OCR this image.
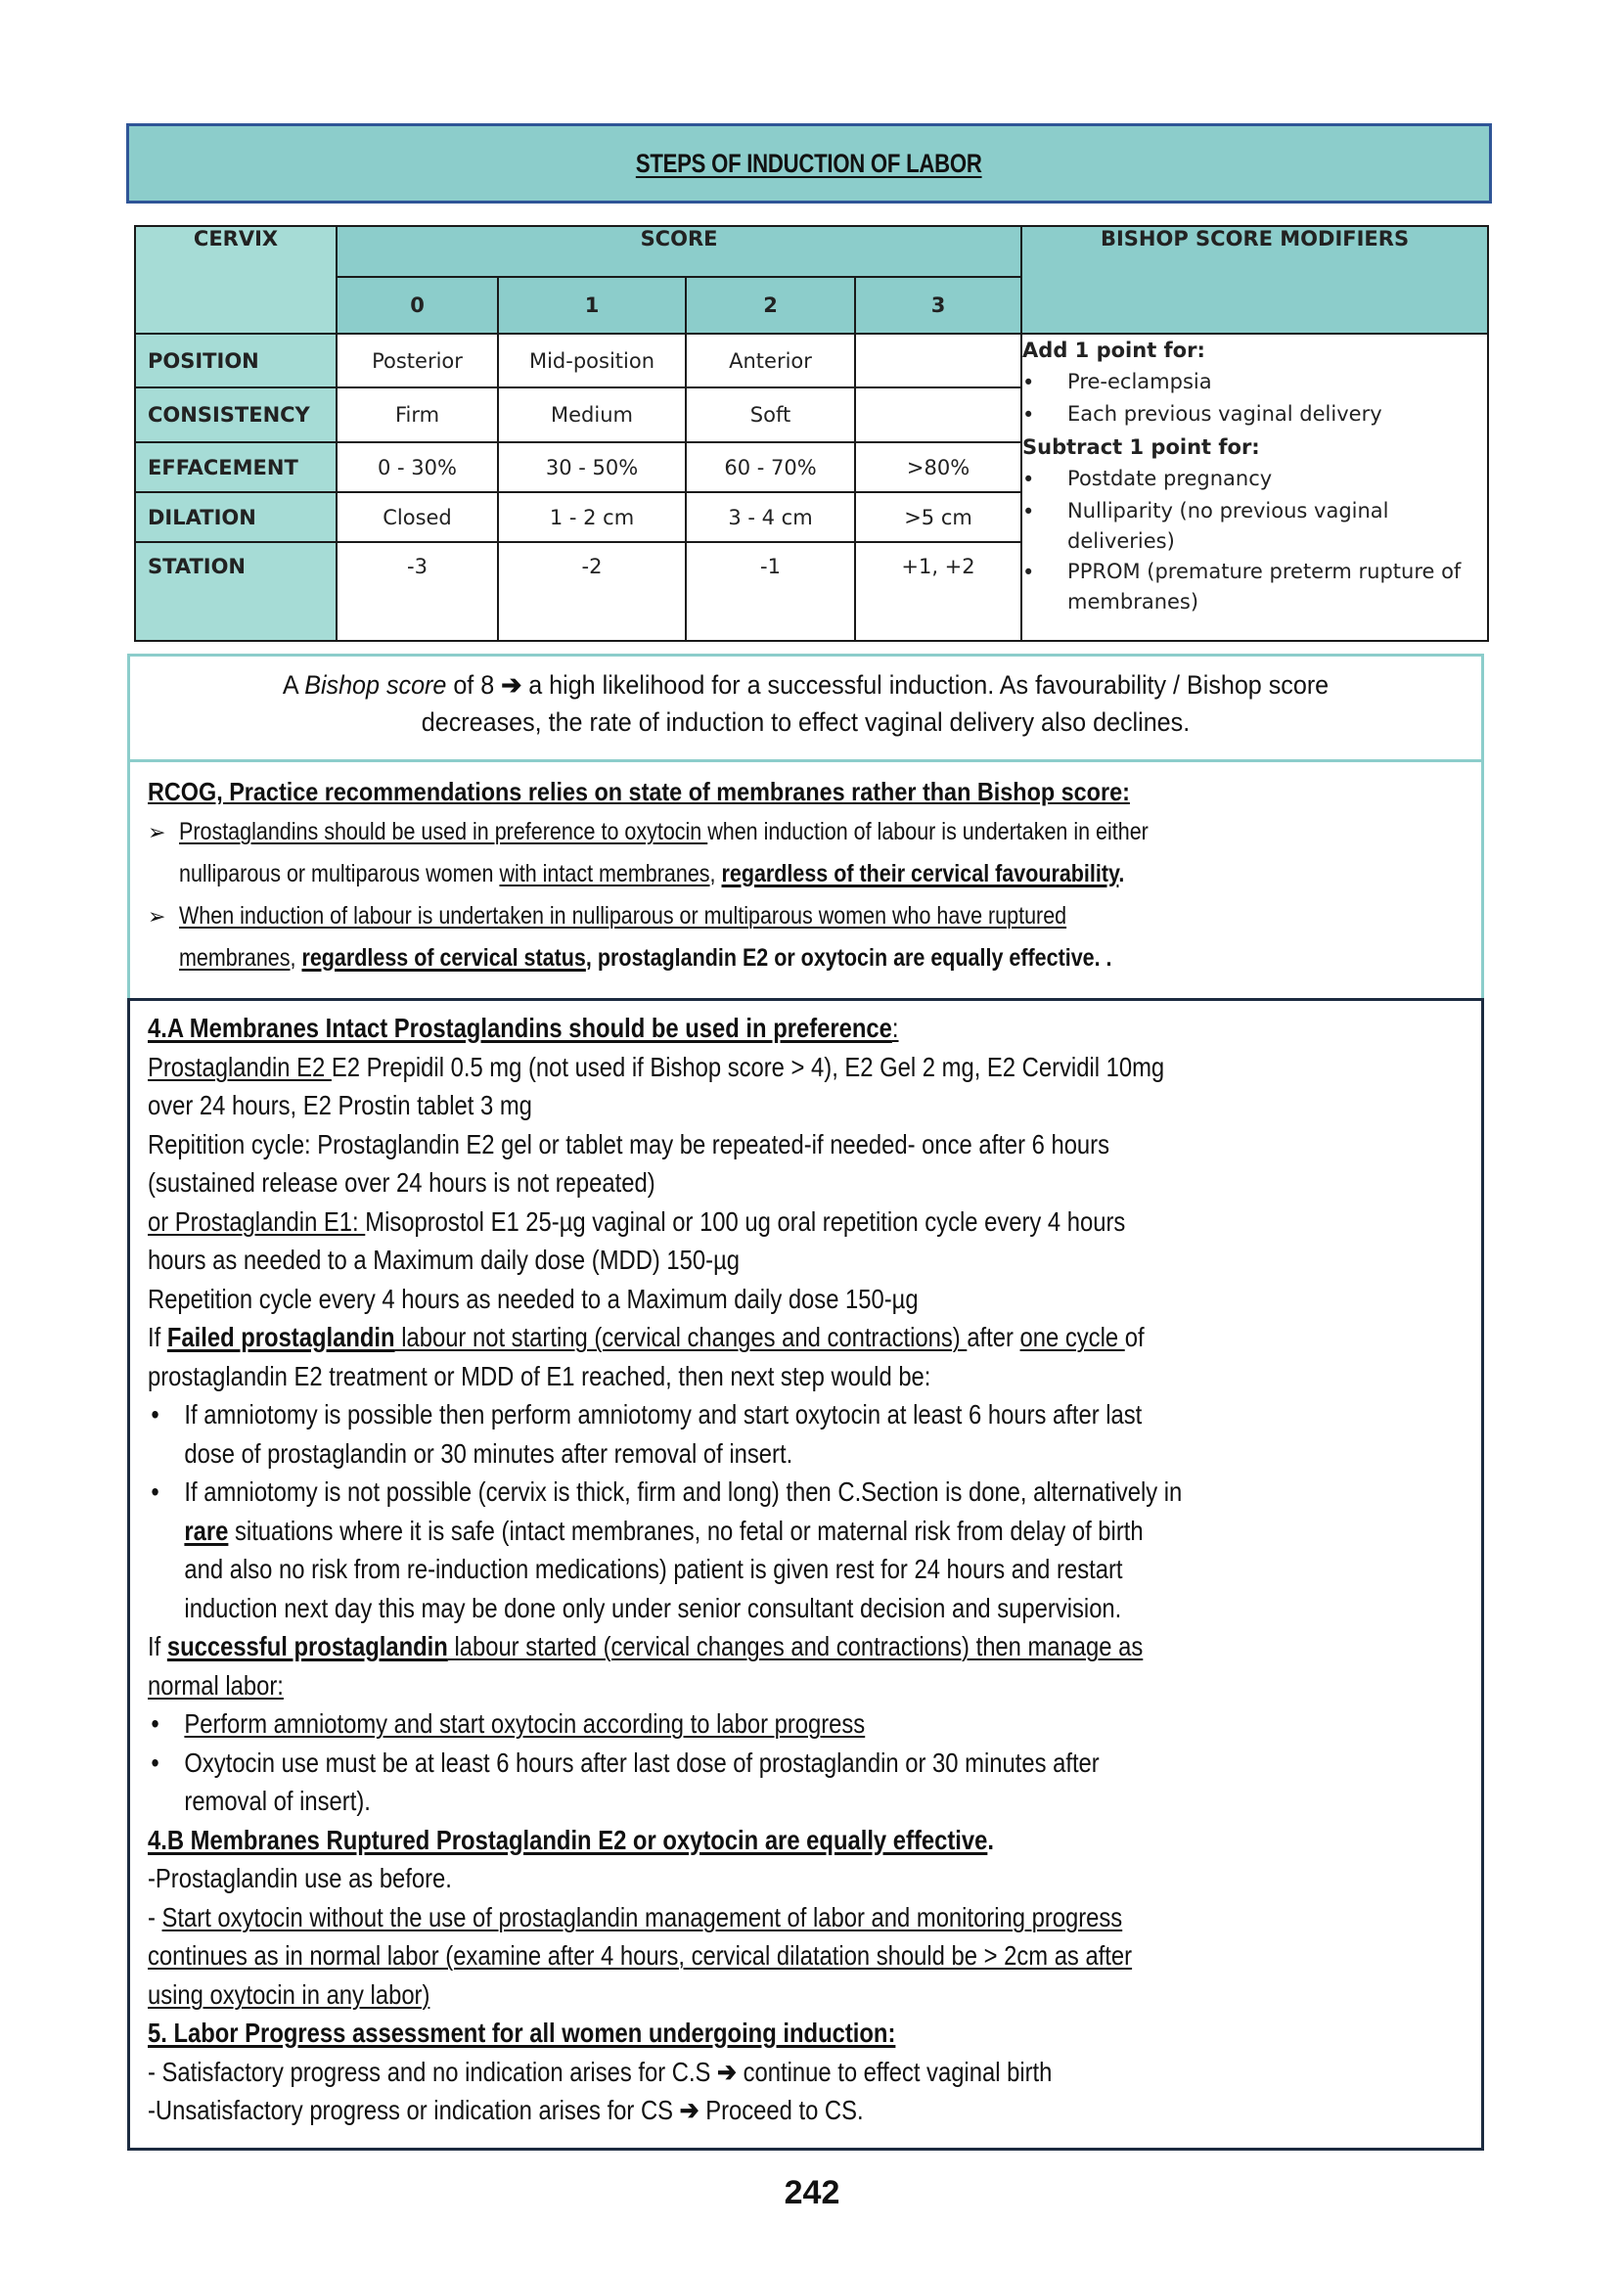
STEPS OF INDUCTION OF LABOR
CERVIX	SCORE				BISHOP SCORE MODIFIERS
	0	1	2	3	
POSITION	Posterior	Mid-position	Anterior		Add 1 point for:
•	Pre-eclampsia
•	Each previous vaginal delivery
Subtract 1 point for:
•	Postdate pregnancy
•	Nulliparity (no previous vaginal deliveries)
•	PPROM (premature preterm rupture of membranes)

CONSISTENCY	Firm	Medium	Soft		
EFFACEMENT	0 - 30%	30 - 50%	60 - 70%	>80%	
DILATION	Closed	1 - 2 cm	3 - 4 cm	>5 cm	
STATION	-3	-2	-1	+1, +2	
A Bishop score of 8 ➔ a high likelihood for a successful induction. As favourability / Bishop score
decreases, the rate of induction to effect vaginal delivery also declines.
RCOG, Practice recommendations relies on state of membranes rather than Bishop score:
➢ Prostaglandins should be used in preference to oxytocin when induction of labour is undertaken in either
nulliparous or multiparous women with intact membranes, regardless of their cervical favourability.
➢ When induction of labour is undertaken in nulliparous or multiparous women who have ruptured
membranes, regardless of cervical status, prostaglandin E2 or oxytocin are equally effective. .
4.A Membranes Intact Prostaglandins should be used in preference:
Prostaglandin E2 E2 Prepidil 0.5 mg (not used if Bishop score > 4), E2 Gel 2 mg, E2 Cervidil 10mg
over 24 hours, E2 Prostin tablet 3 mg
Repitition cycle: Prostaglandin E2 gel or tablet may be repeated-if needed- once after 6 hours
(sustained release over 24 hours is not repeated)
or Prostaglandin E1: Misoprostol E1 25-µg vaginal or 100 ug oral repetition cycle every 4 hours
hours as needed to a Maximum daily dose (MDD) 150-µg
Repetition cycle every 4 hours as needed to a Maximum daily dose 150-µg
If Failed prostaglandin labour not starting (cervical changes and contractions) after one cycle of
prostaglandin E2 treatment or MDD of E1 reached, then next step would be:
• If amniotomy is possible then perform amniotomy and start oxytocin at least 6 hours after last
dose of prostaglandin or 30 minutes after removal of insert.
• If amniotomy is not possible (cervix is thick, firm and long) then C.Section is done, alternatively in
rare situations where it is safe (intact membranes, no fetal or maternal risk from delay of birth
and also no risk from re-induction medications) patient is given rest for 24 hours and restart
induction next day this may be done only under senior consultant decision and supervision.
If successful prostaglandin labour started (cervical changes and contractions) then manage as
normal labor:
• Perform amniotomy and start oxytocin according to labor progress
• Oxytocin use must be at least 6 hours after last dose of prostaglandin or 30 minutes after
removal of insert).
4.B Membranes Ruptured Prostaglandin E2 or oxytocin are equally effective.
-Prostaglandin use as before.
- Start oxytocin without the use of prostaglandin management of labor and monitoring progress
continues as in normal labor (examine after 4 hours, cervical dilatation should be > 2cm as after
using oxytocin in any labor)
5. Labor Progress assessment for all women undergoing induction:
- Satisfactory progress and no indication arises for C.S ➔ continue to effect vaginal birth
-Unsatisfactory progress or indication arises for CS ➔ Proceed to CS.
242
